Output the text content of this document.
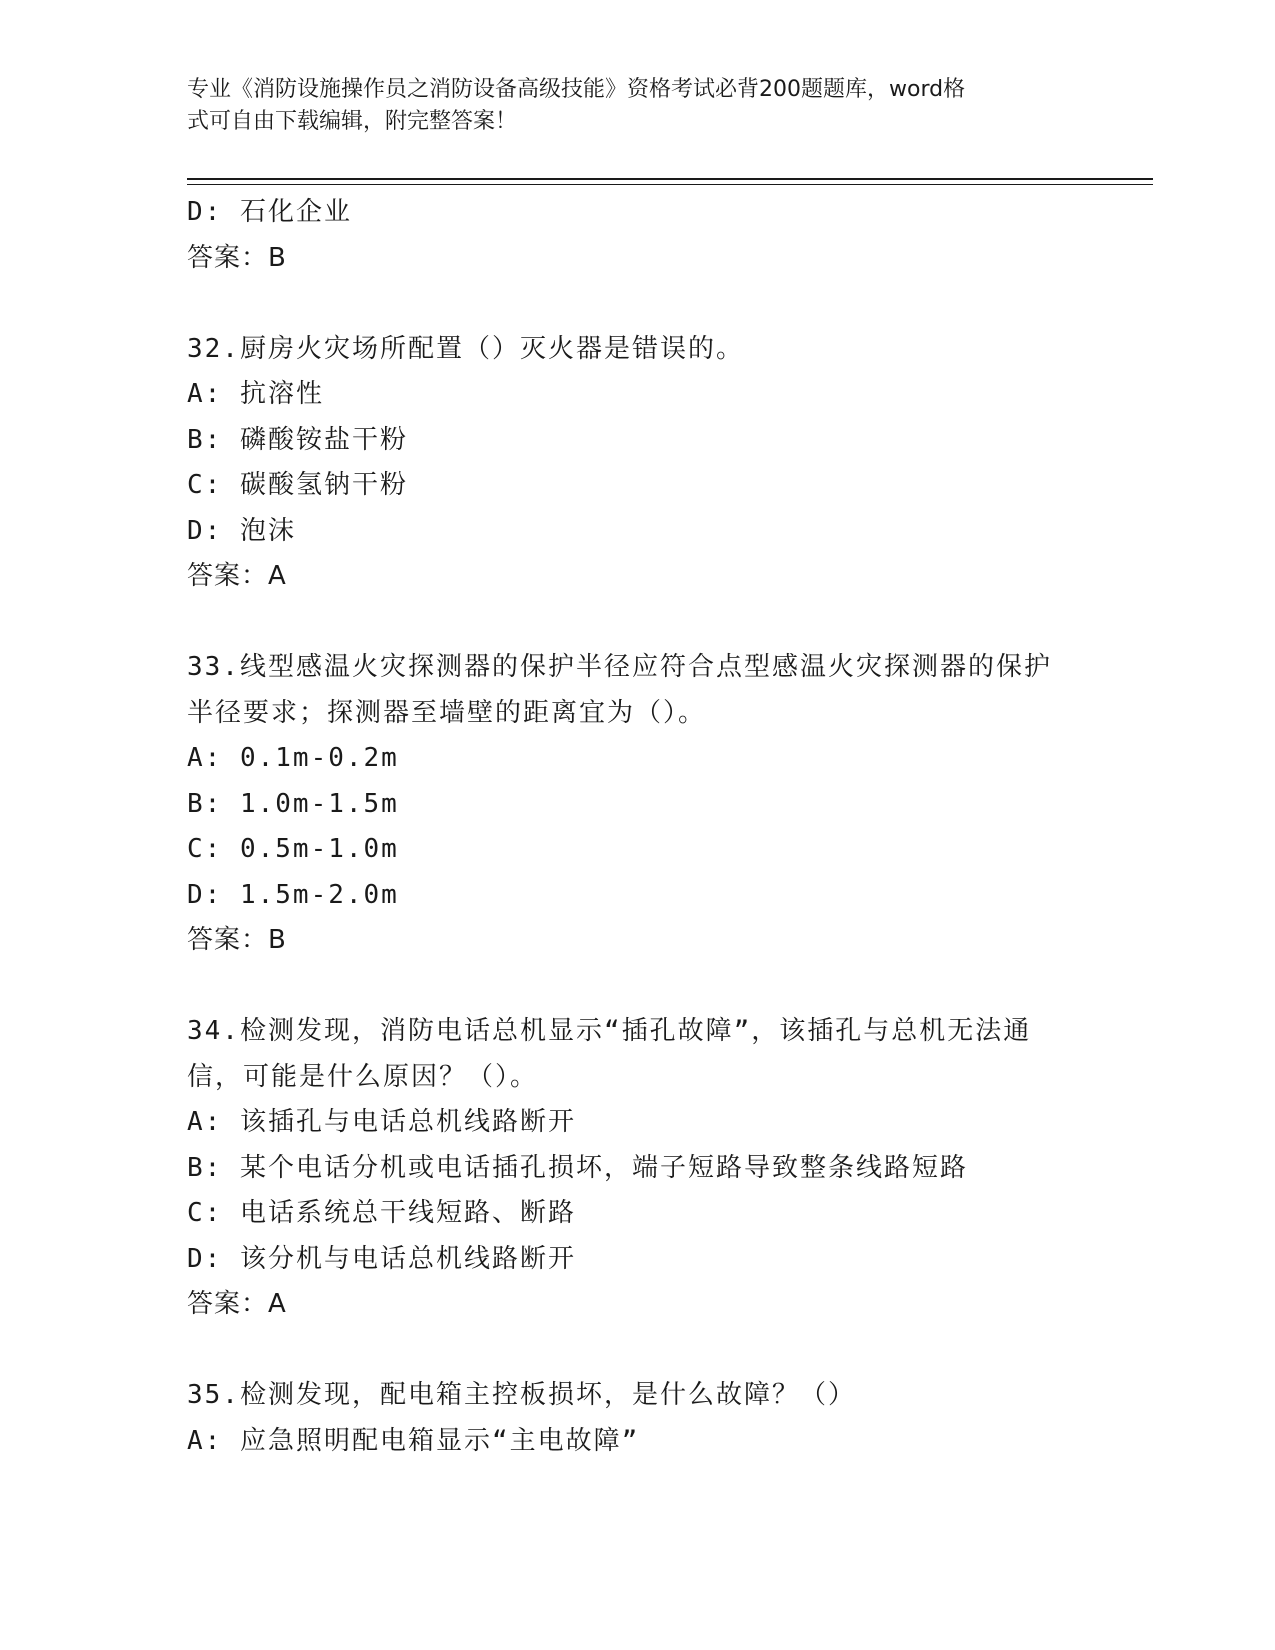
专业《消防设施操作员之消防设备高级技能》资格考试必背200题题库，word格
式可自由下载编辑，附完整答案！
D: 石化企业
答案：B
32.厨房火灾场所配置（）灭火器是错误的。
A: 抗溶性
B: 磷酸铵盐干粉
C: 碳酸氢钠干粉
D: 泡沫
答案：A
33.线型感温火灾探测器的保护半径应符合点型感温火灾探测器的保护
半径要求；探测器至墙壁的距离宜为（）。
A: 0.1m-0.2m
B: 1.0m-1.5m
C: 0.5m-1.0m
D: 1.5m-2.0m
答案：B
34.检测发现，消防电话总机显示“插孔故障”，该插孔与总机无法通
信，可能是什么原因？（）。
A: 该插孔与电话总机线路断开
B: 某个电话分机或电话插孔损坏，端子短路导致整条线路短路
C: 电话系统总干线短路、断路
D: 该分机与电话总机线路断开
答案：A
35.检测发现，配电箱主控板损坏，是什么故障？（）
A: 应急照明配电箱显示“主电故障”
